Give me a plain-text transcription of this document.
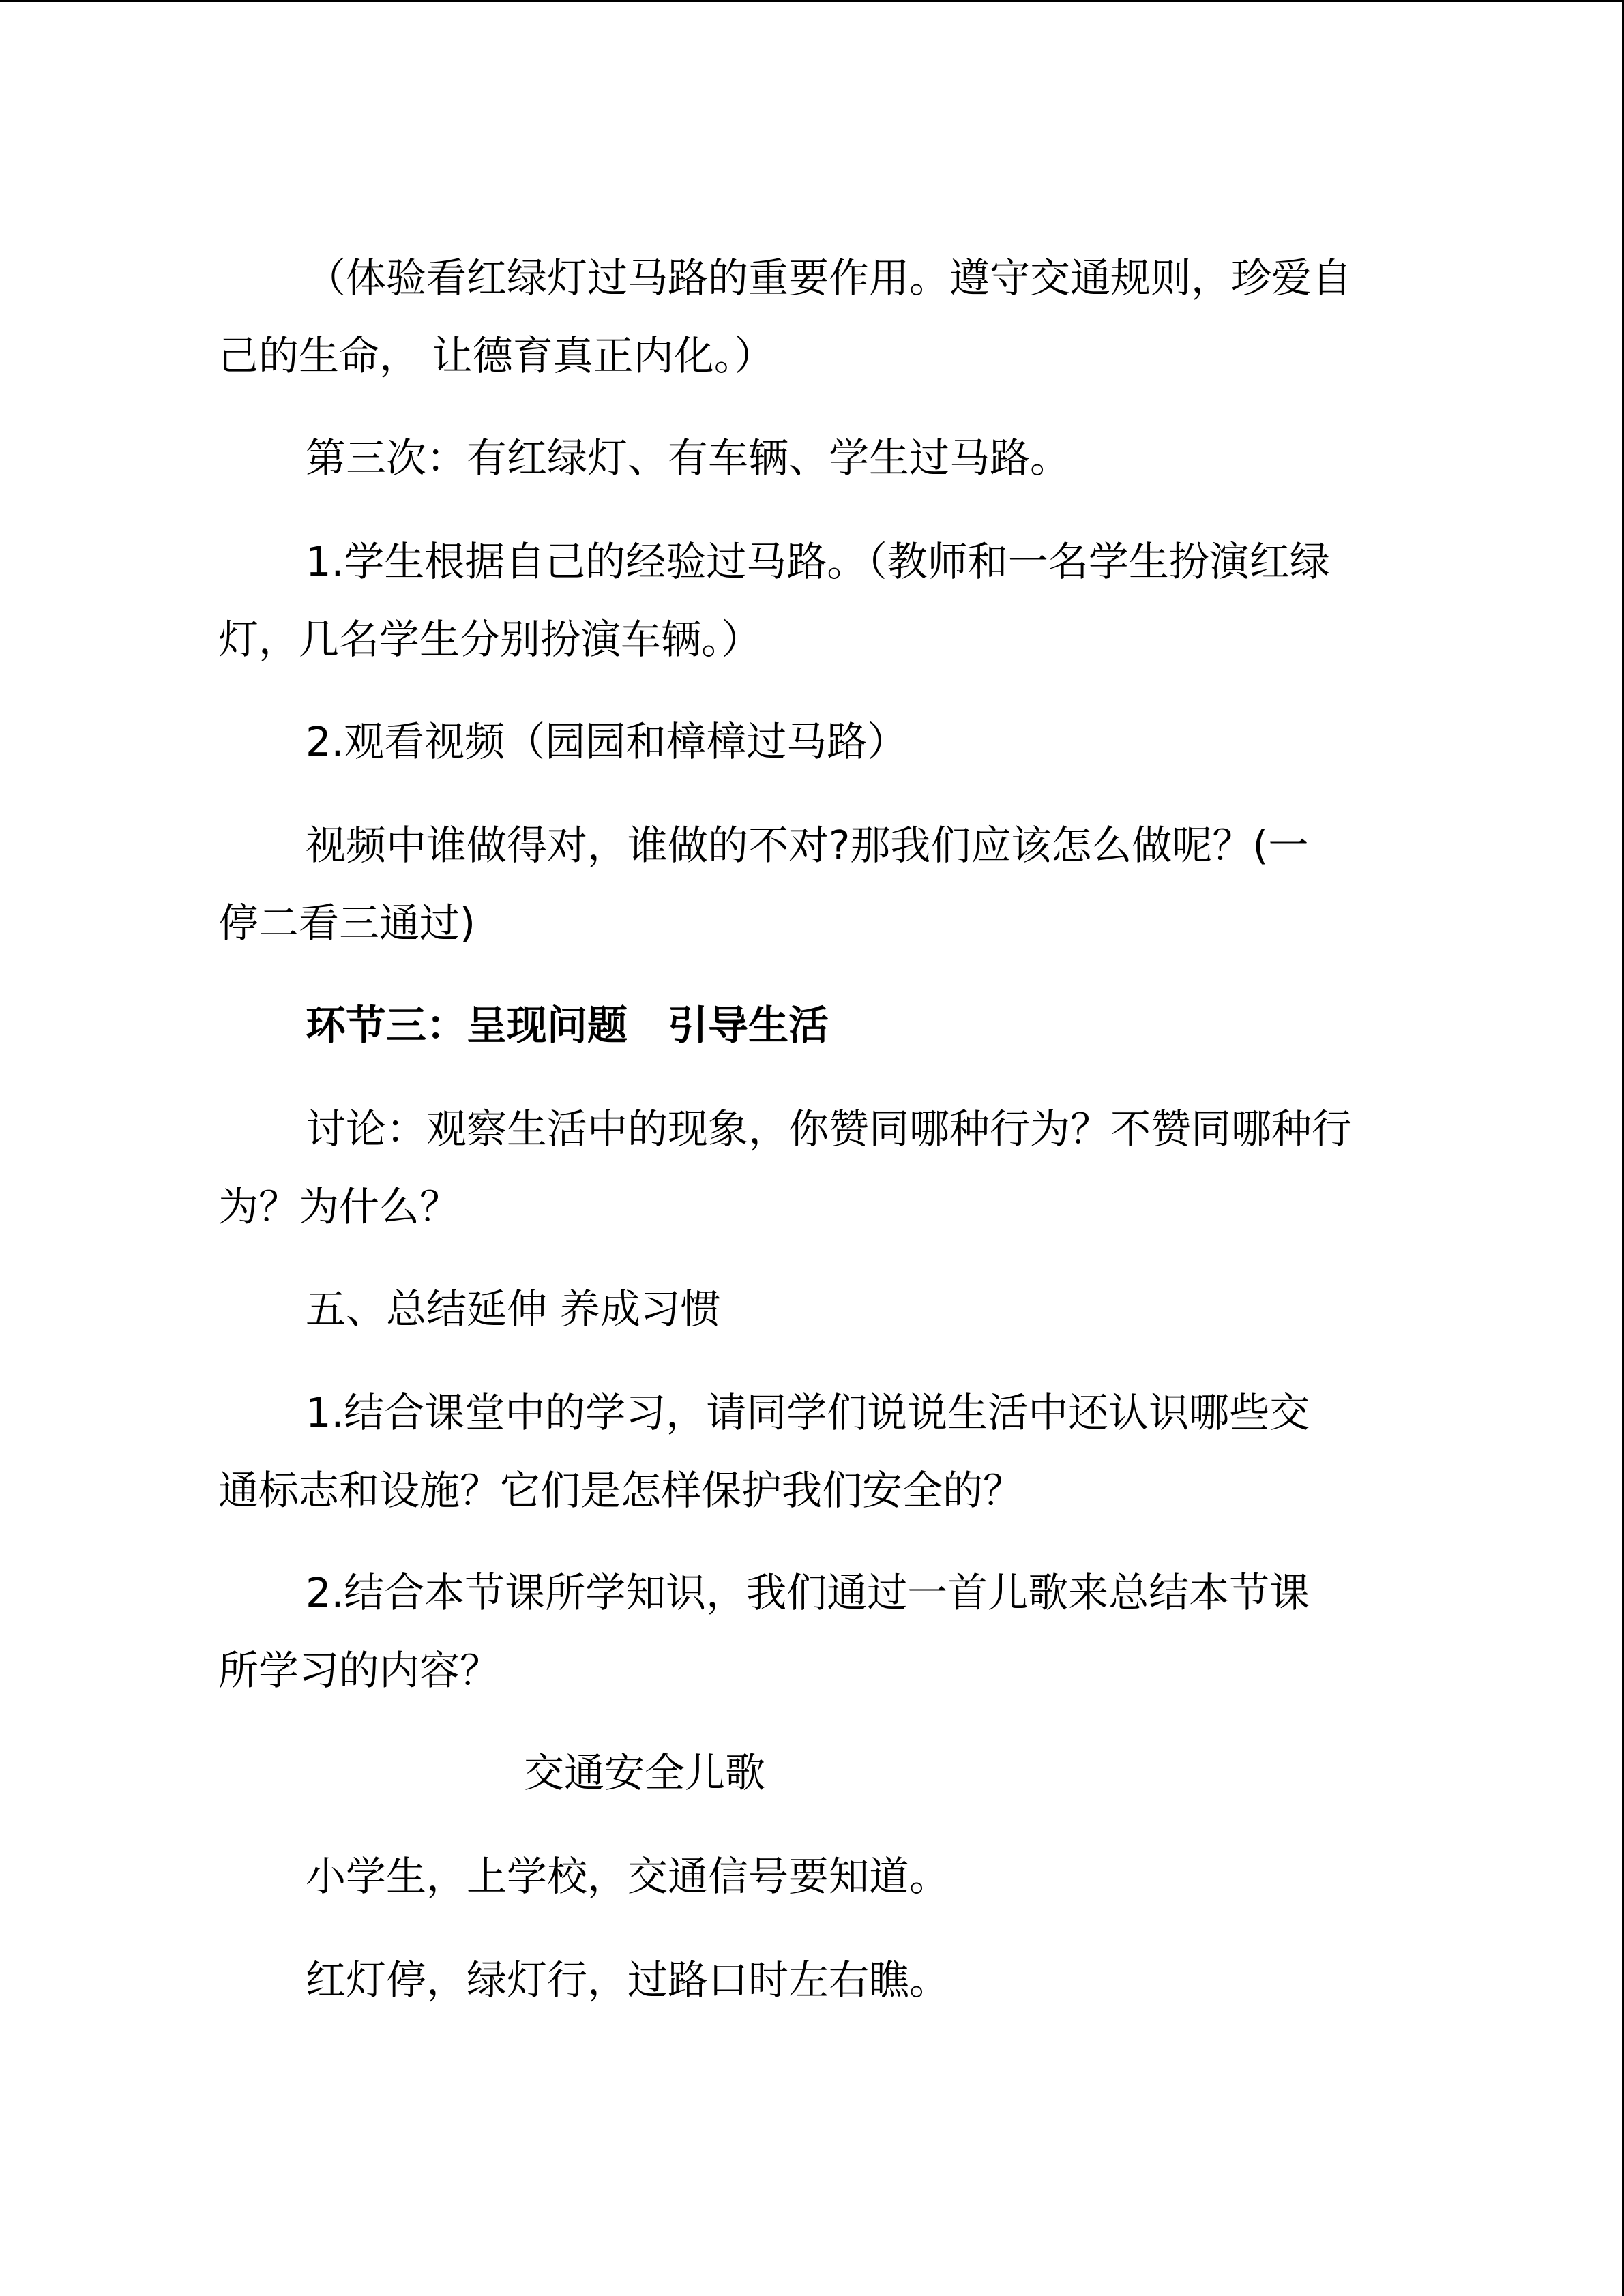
（体验看红绿灯过马路的重要作用。遵守交通规则，珍爱自

己的生命， 让德育真正内化。）

第三次：有红绿灯、有车辆、学生过马路。

1.学生根据自己的经验过马路。（教师和一名学生扮演红绿

灯，几名学生分别扮演车辆。）

2.观看视频（园园和樟樟过马路）

视频中谁做得对，谁做的不对?那我们应该怎么做呢？(一

停二看三通过)

环节三：呈现问题　引导生活

讨论：观察生活中的现象，你赞同哪种行为？不赞同哪种行

为？为什么？

五、总结延伸 养成习惯

1.结合课堂中的学习，请同学们说说生活中还认识哪些交

通标志和设施？它们是怎样保护我们安全的？

2.结合本节课所学知识，我们通过一首儿歌来总结本节课

所学习的内容？

交通安全儿歌

小学生，上学校，交通信号要知道。

红灯停，绿灯行，过路口时左右瞧。
